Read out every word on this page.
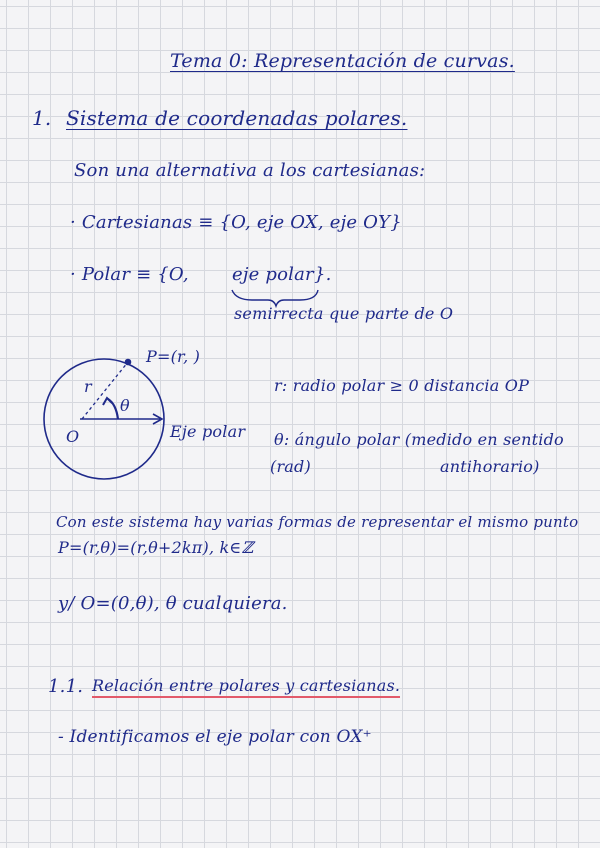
Tema 0: Representación de curvas.
1. Sistema de coordenadas polares.
Son una alternativa a los cartesianas:
· Cartesianas ≡ {O, eje OX, eje OY}
· Polar ≡ {O, eje polar }.
semirrecta que parte de O
P=(r, )
r
θ
O	Eje polar
r: radio polar ≥ 0 distancia OP
θ: ángulo polar (medido en sentido
(rad)	antihorario)
Con este sistema hay varias formas de representar el mismo punto
P=(r,θ)=(r,θ+2kπ), k∈ℤ
y/ O=(0,θ), θ cualquiera.
1.1. Relación entre polares y cartesianas.
- Identificamos el eje polar con OX⁺
